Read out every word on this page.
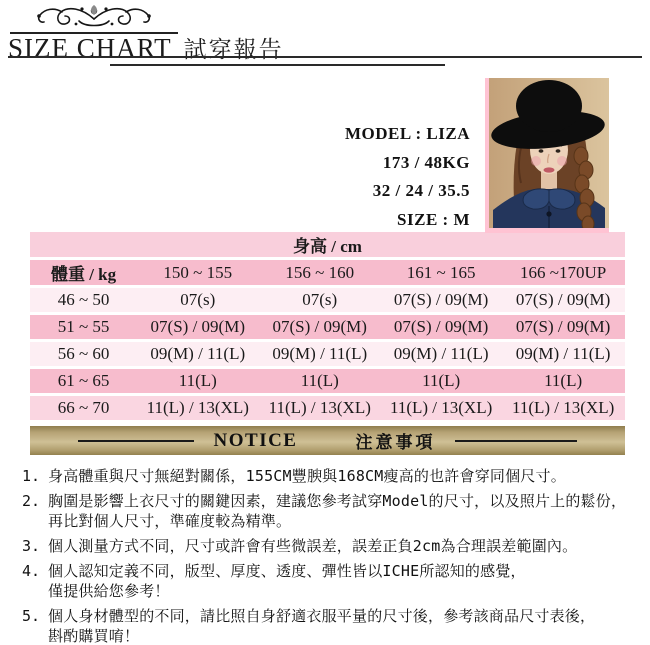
SIZE CHART 試穿報告
MODEL : LIZA
173 / 48KG
32 / 24 / 35.5
SIZE : M
身高 / cm				
體重 / kg	150 ~ 155	156 ~ 160	161 ~ 165	166 ~170UP
46 ~ 50	07(s)	07(s)	07(S) / 09(M)	07(S) / 09(M)
51 ~ 55	07(S) / 09(M)	07(S) / 09(M)	07(S) / 09(M)	07(S) / 09(M)
56 ~ 60	09(M) / 11(L)	09(M) / 11(L)	09(M) / 11(L)	09(M) / 11(L)
61 ~ 65	11(L)	11(L)	11(L)	11(L)
66 ~ 70	11(L) / 13(XL)	11(L) / 13(XL)	11(L) / 13(XL)	11(L) / 13(XL)
NOTICE	注意事項
1. 身高體重與尺寸無絕對關係，155CM豐腴與168CM瘦高的也許會穿同個尺寸。
2. 胸圍是影響上衣尺寸的關鍵因素，建議您參考試穿Model的尺寸，以及照片上的鬆份，
再比對個人尺寸，準確度較為精準。
3. 個人測量方式不同，尺寸或許會有些微誤差，誤差正負2cm為合理誤差範圍內。
4. 個人認知定義不同，版型、厚度、透度、彈性皆以ICHE所認知的感覺，
僅提供給您參考！
5. 個人身材體型的不同，請比照自身舒適衣服平量的尺寸後，參考該商品尺寸表後，
斟酌購買唷！
